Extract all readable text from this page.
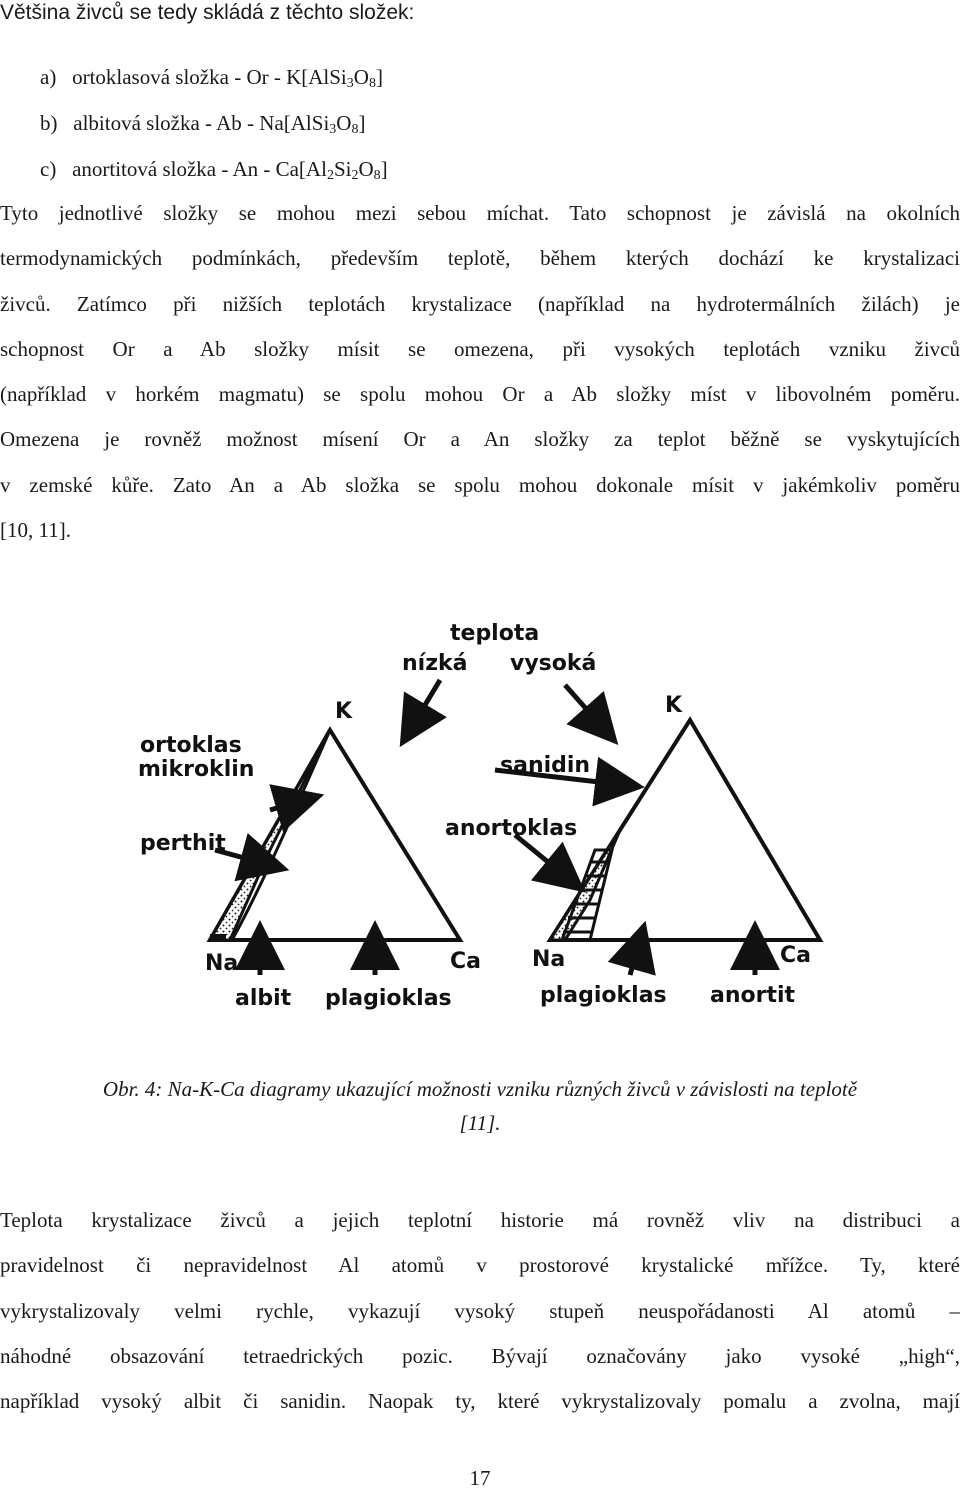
Většina živců se tedy skládá z těchto složek:

a) ortoklasová složka - Or - $K[AlSi_3O_8]$
b) albitová složka - Ab - $Na[AlSi_3O_8]$
c) anortitová složka - An - $Ca[Al_2Si_2O_8]$
Tyto jednotlivé složky se mohou mezi sebou míchat. Tato schopnost je závislá na okolních
termodynamických podmínkách, především teplotě, během kterých dochází ke krystalizaci
živců. Zatímco při nižších teplotách krystalizace (například na hydrotermálních žilách) je
schopnost Or a Ab složky mísit se omezena, při vysokých teplotách vzniku živců
(například v horkém magmatu) se spolu mohou Or a Ab složky míst v libovolném poměru.
Omezena je rovněž možnost mísení Or a An složky za teplot běžně se vyskytujících
v zemské kůře. Zato An a Ab složka se spolu mohou dokonale mísit v jakémkoliv poměru
[10, 11].
teplota
nízká vysoká
K
ortoklas
mikroklin
perthit
Na	Ca
albit plagioklas
K
sanidin
anortoklas
Na	Ca
plagioklas anortit

Obr. 4: Na-K-Ca diagramy ukazující možnosti vzniku různých živců v závislosti na teplotě
[11].

Teplota krystalizace živců a jejich teplotní historie má rovněž vliv na distribuci a
pravidelnost či nepravidelnost Al atomů v prostorové krystalické mřížce. Ty, které
vykrystalizovaly velmi rychle, vykazují vysoký stupeň neuspořádanosti Al atomů –
náhodné obsazování tetraedrických pozic. Bývají označovány jako vysoké „high“,
například vysoký albit či sanidin. Naopak ty, které vykrystalizovaly pomalu a zvolna, mají

17
